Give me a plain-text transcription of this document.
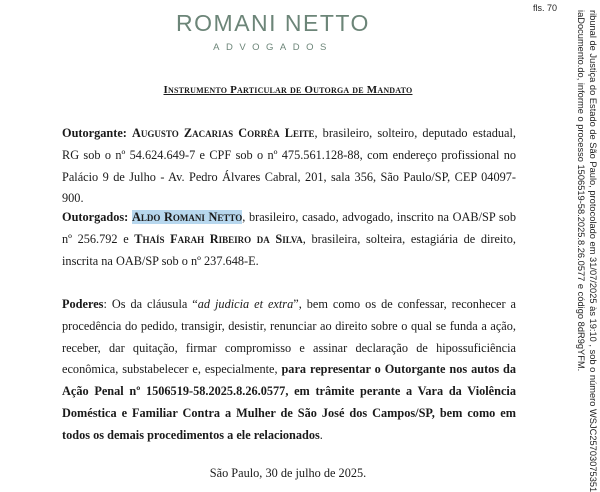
fls. 70
ROMANI NETTO
ADVOGADOS
Instrumento Particular de Outorga de Mandato
Outorgante: Augusto Zacarias Corrêa Leite, brasileiro, solteiro, deputado estadual, RG sob o nº 54.624.649-7 e CPF sob o nº 475.561.128-88, com endereço profissional no Palácio 9 de Julho - Av. Pedro Álvares Cabral, 201, sala 356, São Paulo/SP, CEP 04097-900.
Outorgados: Aldo Romani Netto, brasileiro, casado, advogado, inscrito na OAB/SP sob nº 256.792 e Thaís Farah Ribeiro da Silva, brasileira, solteira, estagiária de direito, inscrita na OAB/SP sob o nº 237.648-E.
Poderes: Os da cláusula “ad judicia et extra”, bem como os de confessar, reconhecer a procedência do pedido, transigir, desistir, renunciar ao direito sobre o qual se funda a ação, receber, dar quitação, firmar compromisso e assinar declaração de hipossuficiência econômica, substabelecer e, especialmente, para representar o Outorgante nos autos da Ação Penal nº 1506519-58.2025.8.26.0577, em trâmite perante a Vara da Violência Doméstica e Familiar Contra a Mulher de São José dos Campos/SP, bem como em todos os demais procedimentos a ele relacionados.
São Paulo, 30 de julho de 2025.	ribunal de Justiça do Estado de São Paulo, protocolado em 31/07/2025 às 19:10 , sob o número WSJC25703075351
iaDocumento.do, informe o processo 1506519-58.2025.8.26.0577 e código 8dR9gYFM.
